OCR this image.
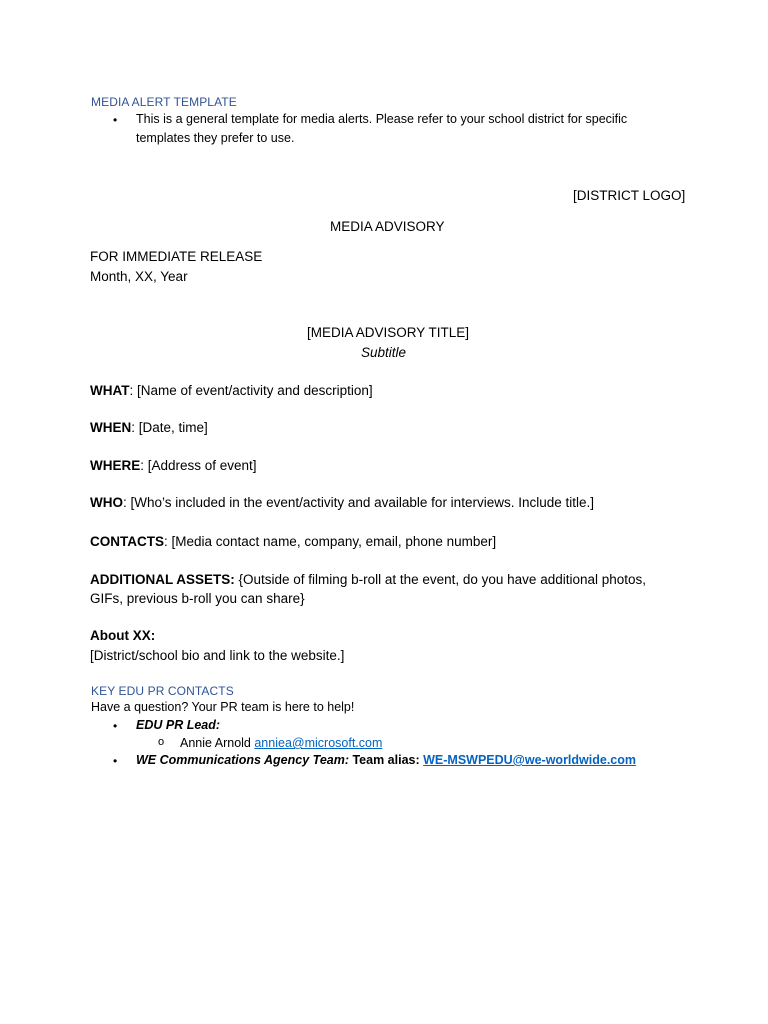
MEDIA ALERT TEMPLATE
• This is a general template for media alerts. Please refer to your school district for specific
templates they prefer to use.
[DISTRICT LOGO]
MEDIA ADVISORY
FOR IMMEDIATE RELEASE
Month, XX, Year
[MEDIA ADVISORY TITLE]
Subtitle
WHAT: [Name of event/activity and description]
WHEN: [Date, time]
WHERE: [Address of event]
WHO: [Who’s included in the event/activity and available for interviews. Include title.]
CONTACTS: [Media contact name, company, email, phone number]
ADDITIONAL ASSETS: {Outside of filming b-roll at the event, do you have additional photos,
GIFs, previous b-roll you can share}
About XX:
[District/school bio and link to the website.]
KEY EDU PR CONTACTS
Have a question? Your PR team is here to help!
• EDU PR Lead:
o Annie Arnold anniea@microsoft.com
• WE Communications Agency Team: Team alias: WE-MSWPEDU@we-worldwide.com
